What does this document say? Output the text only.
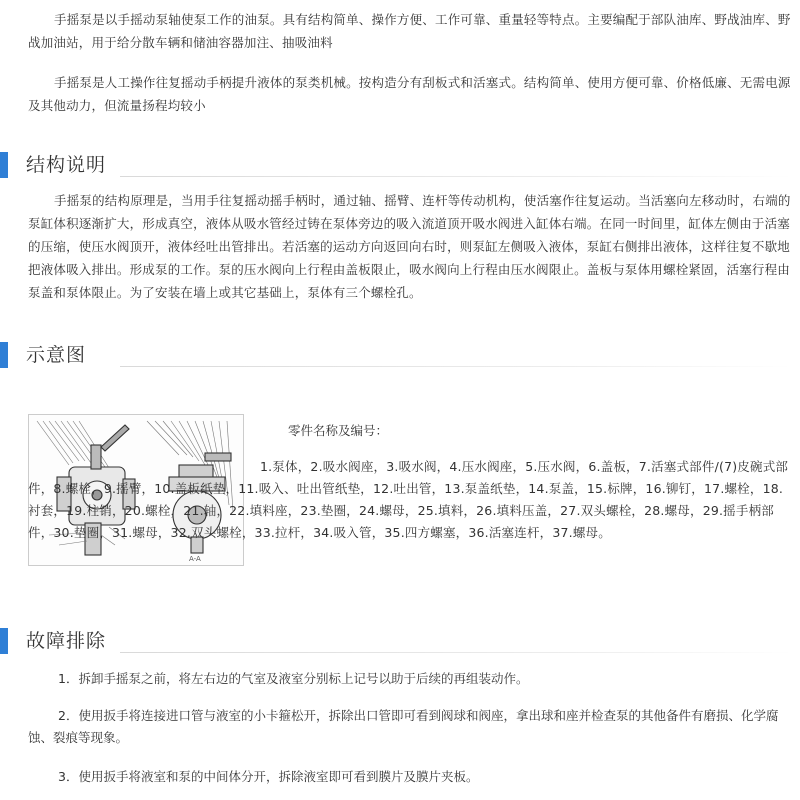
手摇泵是以手摇动泵轴使泵工作的油泵。具有结构简单、操作方便、工作可靠、重量轻等特点。主要编配于部队油库、野战油库、野战加油站，用于给分散车辆和储油容器加注、抽吸油料
手摇泵是人工操作往复摇动手柄提升液体的泵类机械。按构造分有刮板式和活塞式。结构简单、使用方便可靠、价格低廉、无需电源及其他动力，但流量扬程均较小
结构说明
手摇泵的结构原理是，当用手往复摇动摇手柄时，通过轴、摇臂、连杆等传动机构，使活塞作往复运动。当活塞向左移动时，右端的泵缸体积逐渐扩大，形成真空，液体从吸水管经过铸在泵体旁边的吸入流道顶开吸水阀进入缸体右端。在同一时间里，缸体左侧由于活塞的压缩，使压水阀顶开，液体经吐出管排出。若活塞的运动方向返回向右时，则泵缸左侧吸入液体，泵缸右侧排出液体，这样往复不歇地把液体吸入排出。形成泵的工作。泵的压水阀向上行程由盖板限止，吸水阀向上行程由压水阀限止。盖板与泵体用螺栓紧固，活塞行程由泵盖和泵体限止。为了安装在墙上或其它基础上，泵体有三个螺栓孔。
示意图
A-A
零件名称及编号：
1.泵体，2.吸水阀座，3.吸水阀，4.压水阀座，5.压水阀，6.盖板，7.活塞式部件/(7)皮碗式部件，8.螺栓，9.摇臂，10.盖板纸垫，11.吸入、吐出管纸垫，12.吐出管，13.泵盖纸垫，14.泵盖，15.标牌，16.铆钉，17.螺栓，18.衬套，19.柱销，20.螺栓，21.轴，22.填料座，23.垫圈，24.螺母，25.填料，26.填料压盖，27.双头螺栓，28.螺母，29.摇手柄部件，30.垫圈，31.螺母，32.双头螺栓，33.拉杆，34.吸入管，35.四方螺塞，36.活塞连杆，37.螺母。
故障排除
1．拆卸手摇泵之前，将左右边的气室及液室分别标上记号以助于后续的再组装动作。
2．使用扳手将连接进口管与液室的小卡箍松开，拆除出口管即可看到阀球和阀座，拿出球和座并检查泵的其他备件有磨损、化学腐蚀、裂痕等现象。
3．使用扳手将液室和泵的中间体分开，拆除液室即可看到膜片及膜片夹板。
